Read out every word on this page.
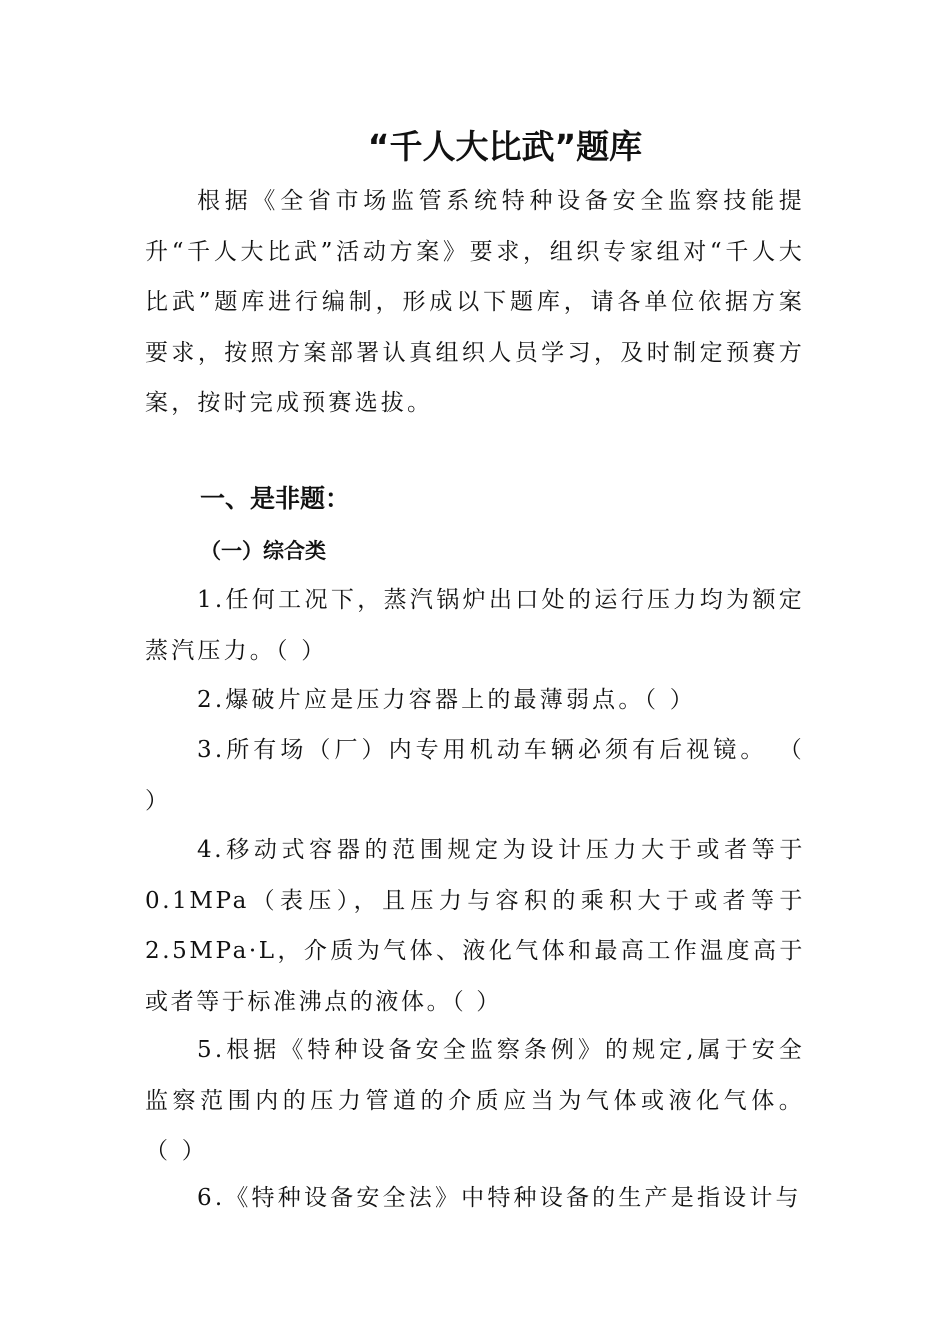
“千人大比武”题库

根据《全省市场监管系统特种设备安全监察技能提升“千人大比武”活动方案》要求，组织专家组对“千人大比武”题库进行编制，形成以下题库，请各单位依据方案要求，按照方案部署认真组织人员学习，及时制定预赛方案，按时完成预赛选拔。

一、是非题：
（一）综合类

1.任何工况下，蒸汽锅炉出口处的运行压力均为额定蒸汽压力。（ ）

2.爆破片应是压力容器上的最薄弱点。（ ）

3.所有场（厂）内专用机动车辆必须有后视镜。 （ ）

4.移动式容器的范围规定为设计压力大于或者等于0.1MPa（表压），且压力与容积的乘积大于或者等于2.5MPa·L，介质为气体、液化气体和最高工作温度高于或者等于标准沸点的液体。（ ）

5.根据《特种设备安全监察条例》的规定,属于安全监察范围内的压力管道的介质应当为气体或液化气体。 （ ）

6.《特种设备安全法》中特种设备的生产是指设计与
